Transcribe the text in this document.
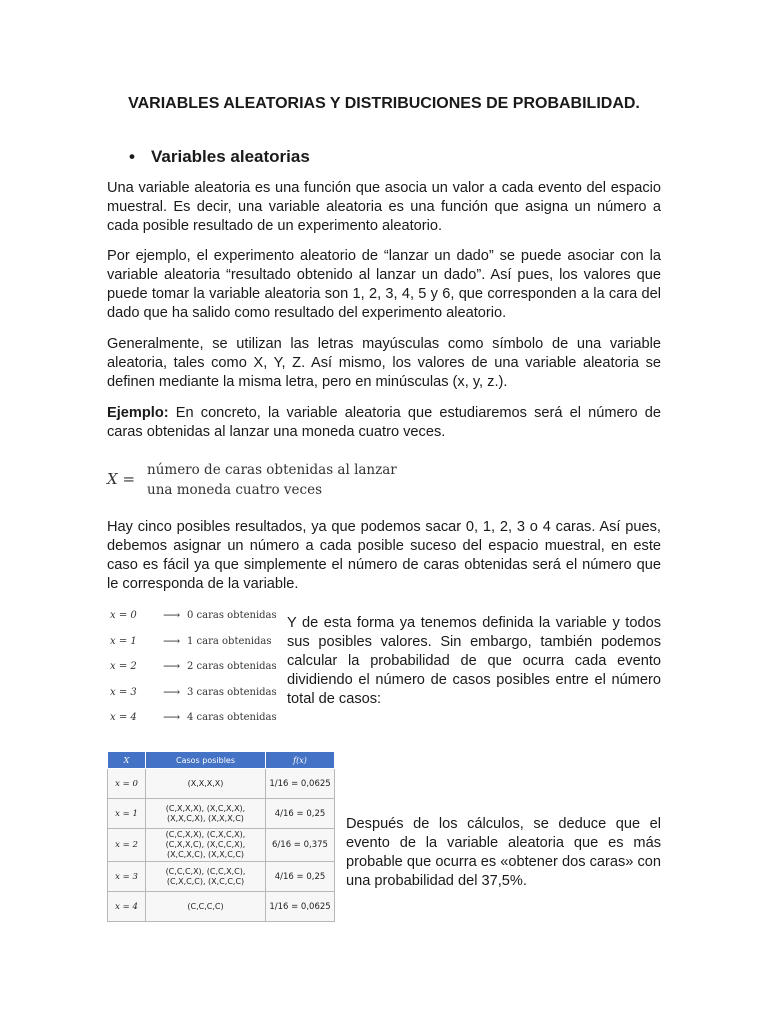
VARIABLES ALEATORIAS Y DISTRIBUCIONES DE PROBABILIDAD.
• Variables aleatorias
Una variable aleatoria es una función que asocia un valor a cada evento del espacio muestral. Es decir, una variable aleatoria es una función que asigna un número a cada posible resultado de un experimento aleatorio.
Por ejemplo, el experimento aleatorio de “lanzar un dado” se puede asociar con la variable aleatoria “resultado obtenido al lanzar un dado”. Así pues, los valores que puede tomar la variable aleatoria son 1, 2, 3, 4, 5 y 6, que corresponden a la cara del dado que ha salido como resultado del experimento aleatorio.
Generalmente, se utilizan las letras mayúsculas como símbolo de una variable aleatoria, tales como X, Y, Z. Así mismo, los valores de una variable aleatoria se definen mediante la misma letra, pero en minúsculas (x, y, z.).
Ejemplo: En concreto, la variable aleatoria que estudiaremos será el número de caras obtenidas al lanzar una moneda cuatro veces.
X = número de caras obtenidas al lanzar
una moneda cuatro veces
Hay cinco posibles resultados, ya que podemos sacar 0, 1, 2, 3 o 4 caras. Así pues, debemos asignar un número a cada posible suceso del espacio muestral, en este caso es fácil ya que simplemente el número de caras obtenidas será el número que le corresponda de la variable.
x = 0 ⟶ 0 caras obtenidas
x = 1 ⟶ 1 cara obtenidas
x = 2 ⟶ 2 caras obtenidas
x = 3 ⟶ 3 caras obtenidas
x = 4 ⟶ 4 caras obtenidas
Y de esta forma ya tenemos definida la variable y todos sus posibles valores. Sin embargo, también podemos calcular la probabilidad de que ocurra cada evento dividiendo el número de casos posibles entre el número total de casos:
X	Casos posibles	f(x)
x = 0	(X,X,X,X)	1/16 = 0,0625
x = 1	(C,X,X,X), (X,C,X,X), (X,X,C,X), (X,X,X,C)	4/16 = 0,25
x = 2	(C,C,X,X), (C,X,C,X), (C,X,X,C), (X,C,C,X), (X,C,X,C), (X,X,C,C)	6/16 = 0,375
x = 3	(C,C,C,X), (C,C,X,C), (C,X,C,C), (X,C,C,C)	4/16 = 0,25
x = 4	(C,C,C,C)	1/16 = 0,0625
Después de los cálculos, se deduce que el evento de la variable aleatoria que es más probable que ocurra es «obtener dos caras» con una probabilidad del 37,5%.
